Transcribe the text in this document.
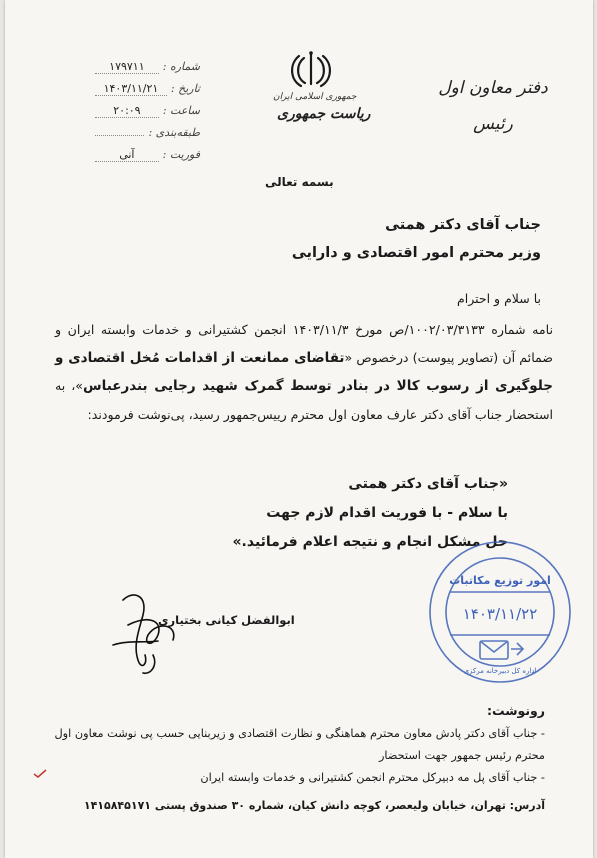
دفتر معاون اول
رئیس
جمهوری اسلامی ایران
ریاست جمهوری
شماره :
۱۷۹۷۱۱
تاریخ :
۱۴۰۳/۱۱/۲۱
ساعت :
۲۰:۰۹
طبقه‌بندی :
فوریت :
آنی
بسمه تعالی
جناب آقای دکتر همتی
وزیر محترم امور اقتصادی و دارایی
با سلام و احترام
نامه شماره ۱۰۰۲/۰۳/۳۱۳۳/ص مورخ ۱۴۰۳/۱۱/۳ انجمن کشتیرانی و خدمات وابسته ایران و ضمائم آن (تصاویر پیوست) درخصوص «تقاضای ممانعت از اقدامات مُخل اقتصادی و جلوگیری از رسوب کالا در بنادر توسط گمرک شهید رجایی بندرعباس»، به استحضار جناب آقای دکتر عارف معاون اول محترم رییس‌جمهور رسید، پی‌نوشت فرمودند:
«جناب آقای دکتر همتی
با سلام - با فوریت اقدام لازم جهت
حل مشکل انجام و نتیجه اعلام فرمائید.»
ابوالفضل کیانی بختیاری
امور توزیع مکاتبات
۱۴۰۳/۱۱/۲۲
اداره کل دبیرخانه مرکزی
رونوشت:
- جناب آقای دکتر پادش معاون محترم هماهنگی و نظارت اقتصادی و زیربنایی حسب پی نوشت معاون اول محترم رئیس جمهور جهت استحضار
- جناب آقای پل مه دبیرکل محترم انجمن کشتیرانی و خدمات وابسته ایران
آدرس: تهران، خیابان ولیعصر، کوچه دانش کیان، شماره ۳۰ صندوق پستی ۱۴۱۵۸۴۵۱۷۱
